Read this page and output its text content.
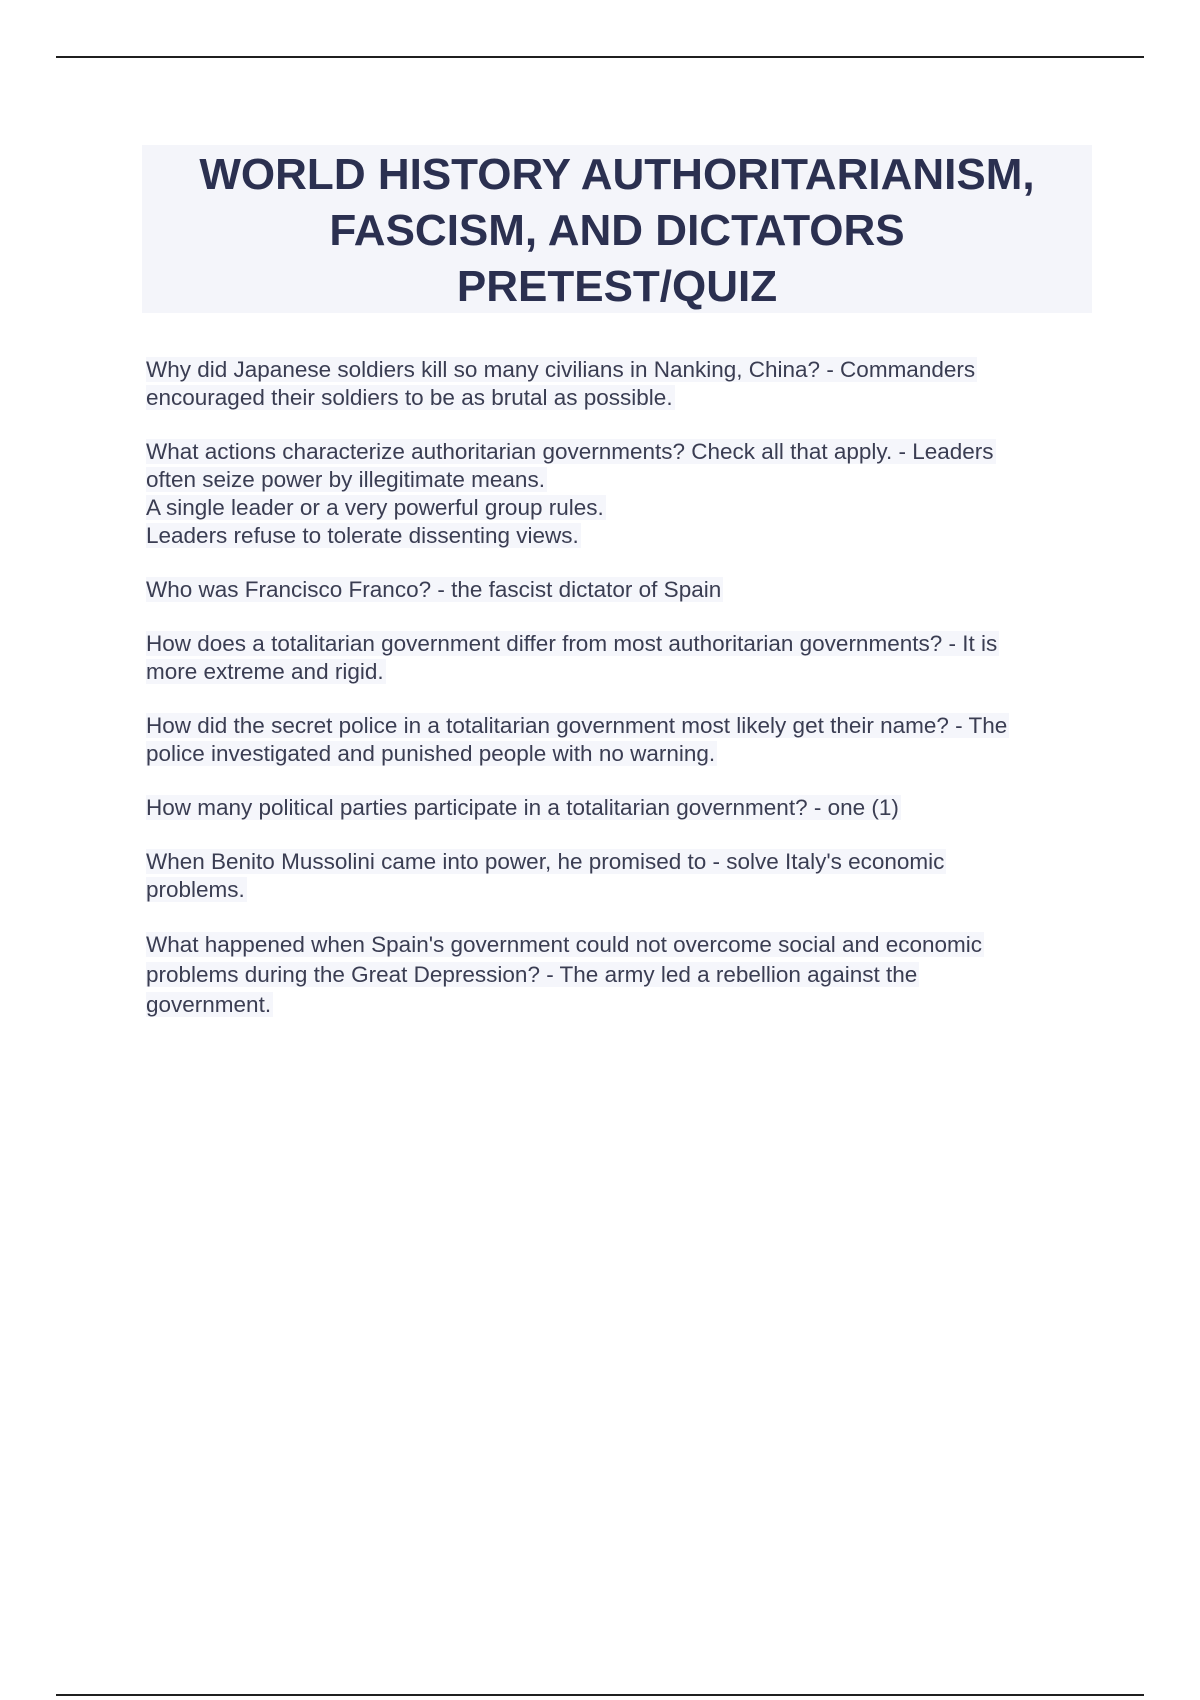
WORLD HISTORY AUTHORITARIANISM,
FASCISM, AND DICTATORS
PRETEST/QUIZ
Why did Japanese soldiers kill so many civilians in Nanking, China? - Commanders
encouraged their soldiers to be as brutal as possible.
What actions characterize authoritarian governments? Check all that apply. - Leaders
often seize power by illegitimate means.
A single leader or a very powerful group rules.
Leaders refuse to tolerate dissenting views.
Who was Francisco Franco? - the fascist dictator of Spain
How does a totalitarian government differ from most authoritarian governments? - It is
more extreme and rigid.
How did the secret police in a totalitarian government most likely get their name? - The
police investigated and punished people with no warning.
How many political parties participate in a totalitarian government? - one (1)
When Benito Mussolini came into power, he promised to - solve Italy's economic
problems.
What happened when Spain's government could not overcome social and economic
problems during the Great Depression? - The army led a rebellion against the
government.
